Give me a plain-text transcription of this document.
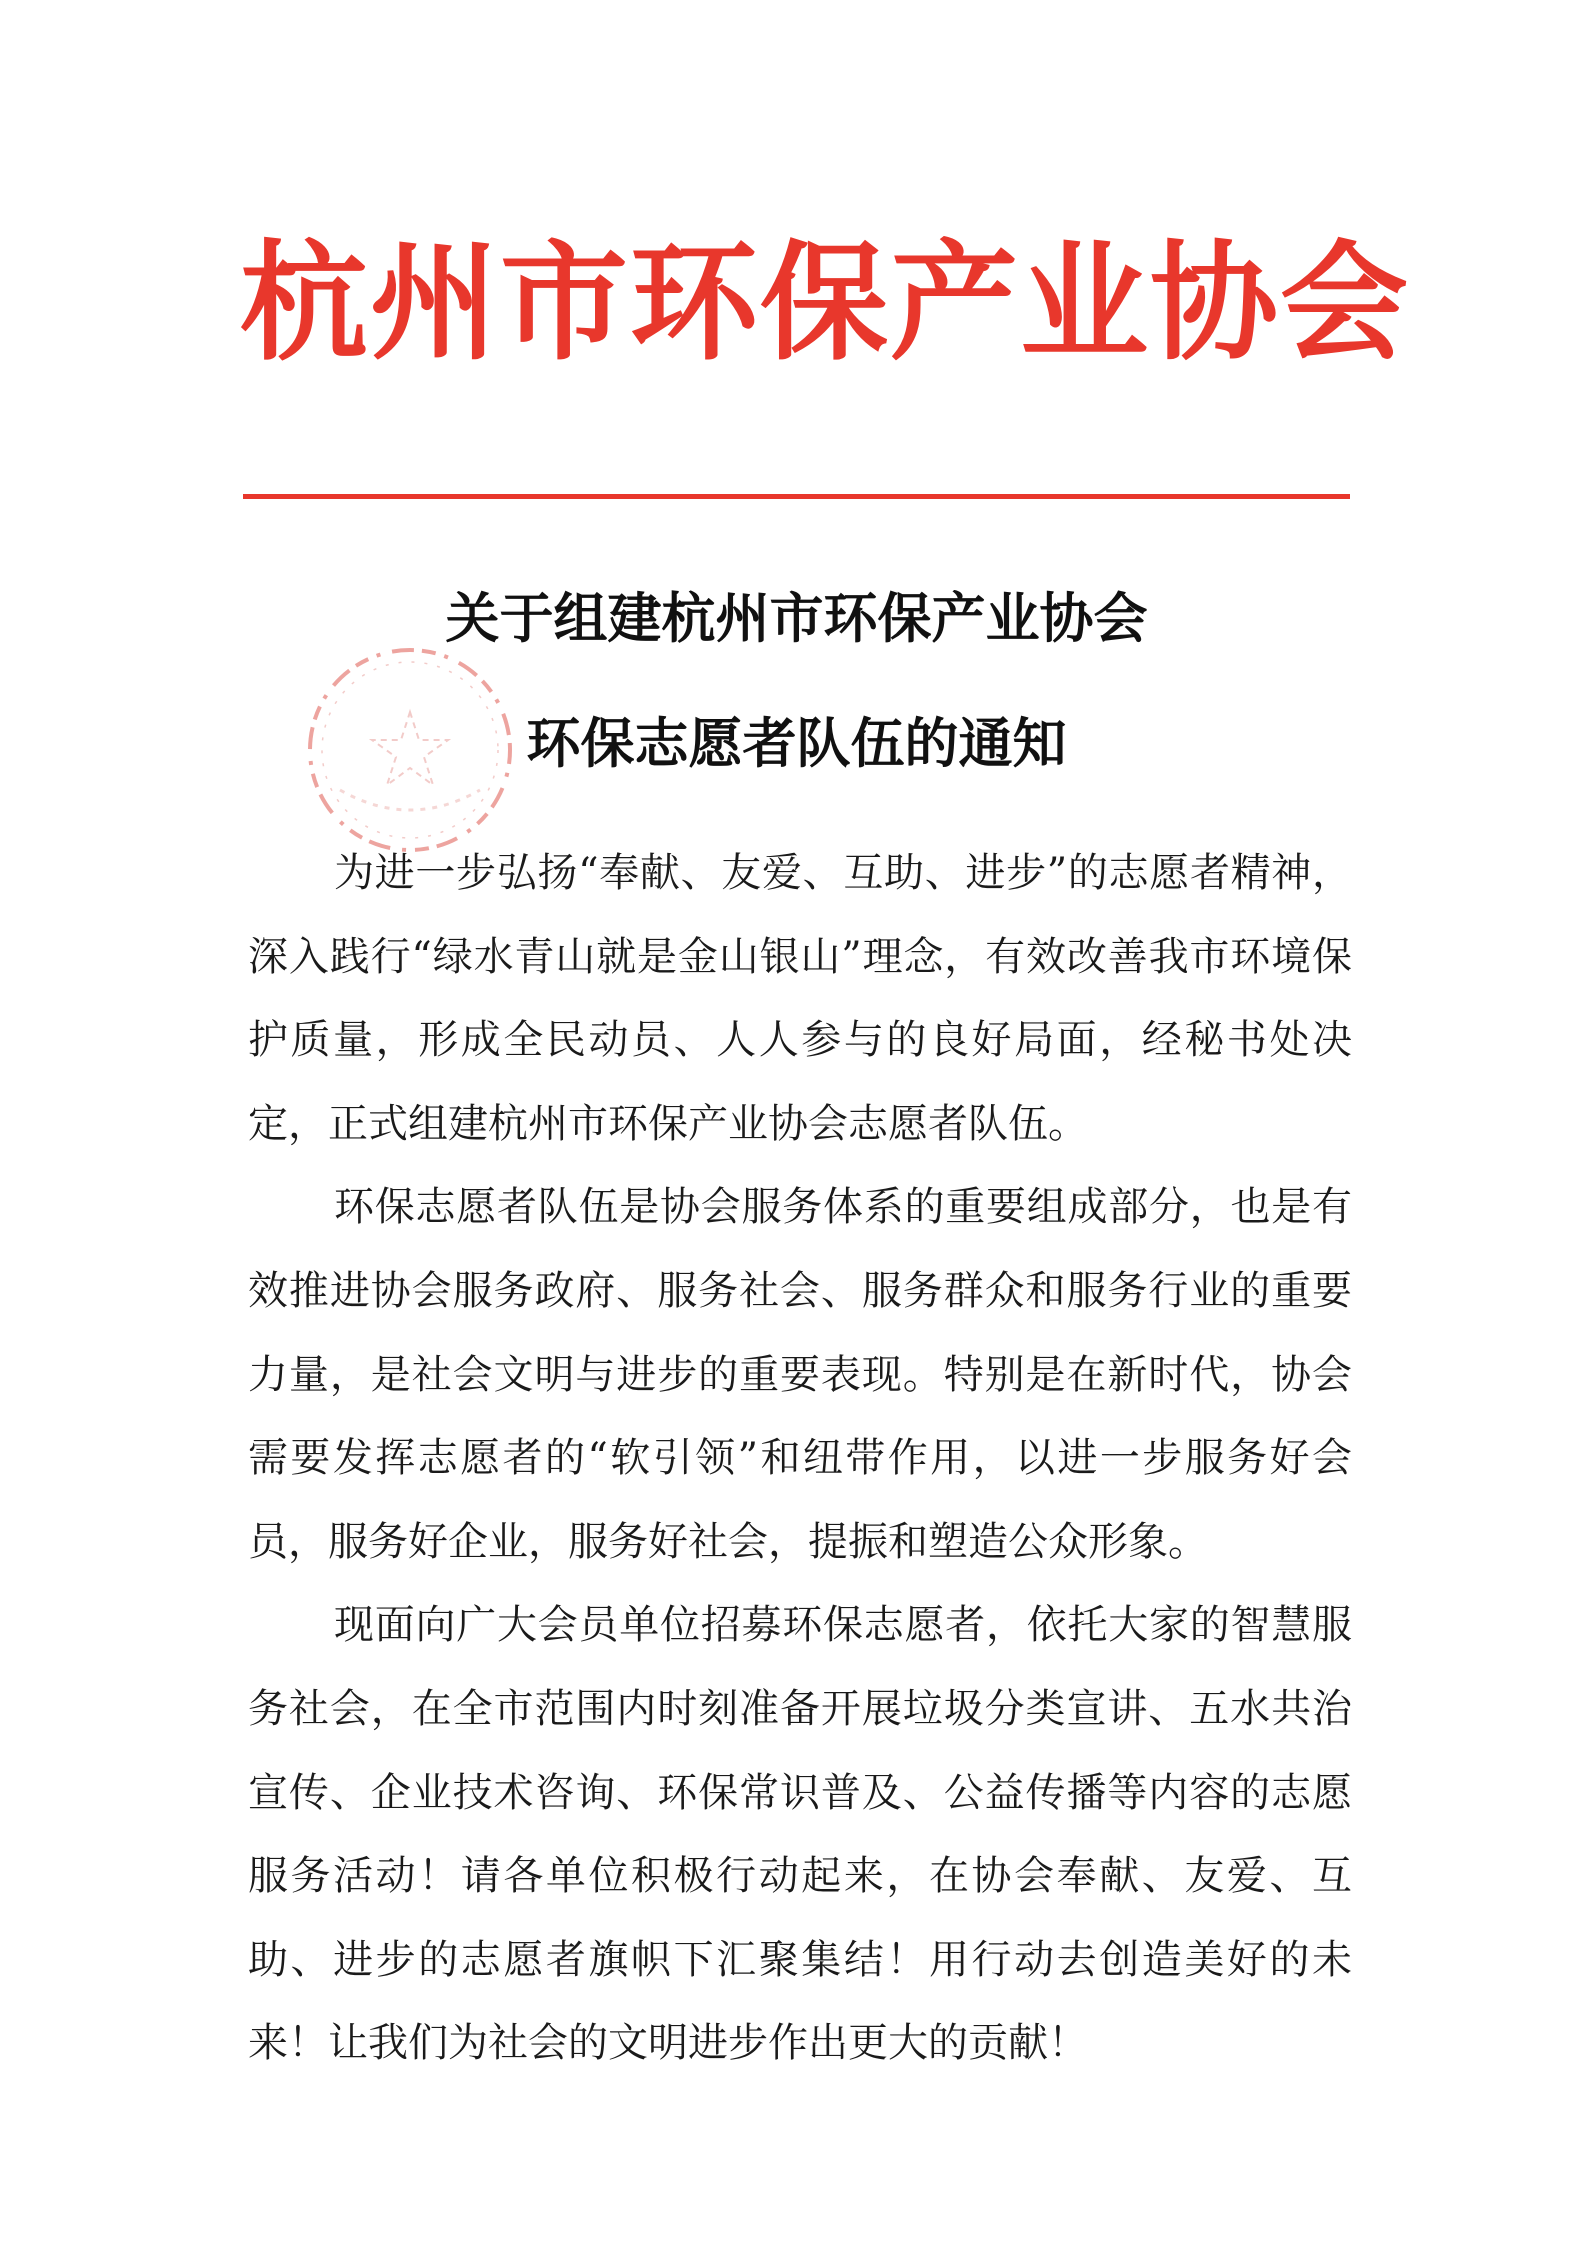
杭州市环保产业协会
关于组建杭州市环保产业协会
环保志愿者队伍的通知

为进一步弘扬“奉献、友爱、互助、进步”的志愿者精神，深入践行“绿水青山就是金山银山”理念，有效改善我市环境保护质量，形成全民动员、人人参与的良好局面，经秘书处决定，正式组建杭州市环保产业协会志愿者队伍。

环保志愿者队伍是协会服务体系的重要组成部分，也是有效推进协会服务政府、服务社会、服务群众和服务行业的重要力量，是社会文明与进步的重要表现。特别是在新时代，协会需要发挥志愿者的“软引领”和纽带作用，以进一步服务好会员，服务好企业，服务好社会，提振和塑造公众形象。

现面向广大会员单位招募环保志愿者，依托大家的智慧服务社会，在全市范围内时刻准备开展垃圾分类宣讲、五水共治宣传、企业技术咨询、环保常识普及、公益传播等内容的志愿服务活动！请各单位积极行动起来，在协会奉献、友爱、互助、进步的志愿者旗帜下汇聚集结！用行动去创造美好的未来！让我们为社会的文明进步作出更大的贡献！
